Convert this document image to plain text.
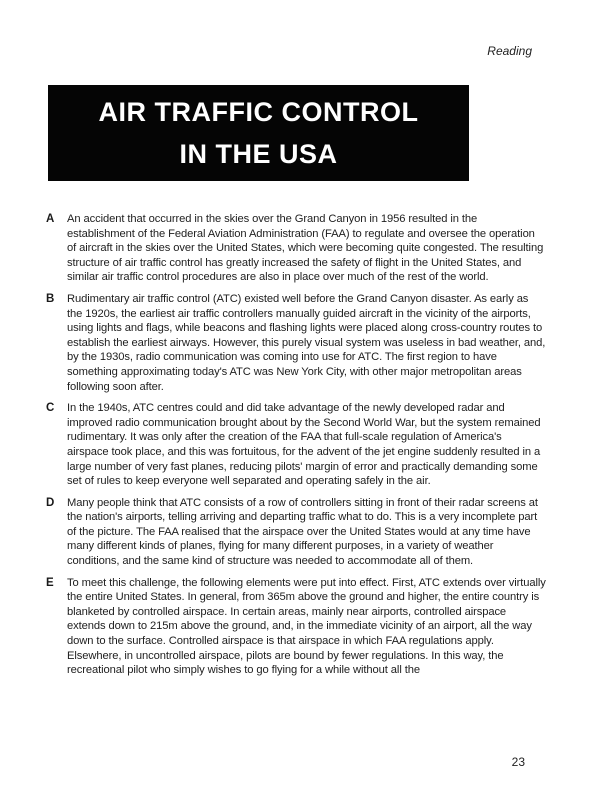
Reading
AIR TRAFFIC CONTROL
IN THE USA
A	An accident that occurred in the skies over the Grand Canyon in 1956 resulted in the establishment of the Federal Aviation Administration (FAA) to regulate and oversee the operation of aircraft in the skies over the United States, which were becoming quite congested. The resulting structure of air traffic control has greatly increased the safety of flight in the United States, and similar air traffic control procedures are also in place over much of the rest of the world.
B	Rudimentary air traffic control (ATC) existed well before the Grand Canyon disaster. As early as the 1920s, the earliest air traffic controllers manually guided aircraft in the vicinity of the airports, using lights and flags, while beacons and flashing lights were placed along cross-country routes to establish the earliest airways. However, this purely visual system was useless in bad weather, and, by the 1930s, radio communication was coming into use for ATC. The first region to have something approximating today's ATC was New York City, with other major metropolitan areas following soon after.
C	In the 1940s, ATC centres could and did take advantage of the newly developed radar and improved radio communication brought about by the Second World War, but the system remained rudimentary. It was only after the creation of the FAA that full-scale regulation of America's airspace took place, and this was fortuitous, for the advent of the jet engine suddenly resulted in a large number of very fast planes, reducing pilots' margin of error and practically demanding some set of rules to keep everyone well separated and operating safely in the air.
D	Many people think that ATC consists of a row of controllers sitting in front of their radar screens at the nation's airports, telling arriving and departing traffic what to do. This is a very incomplete part of the picture. The FAA realised that the airspace over the United States would at any time have many different kinds of planes, flying for many different purposes, in a variety of weather conditions, and the same kind of structure was needed to accommodate all of them.
E	To meet this challenge, the following elements were put into effect. First, ATC extends over virtually the entire United States. In general, from 365m above the ground and higher, the entire country is blanketed by controlled airspace. In certain areas, mainly near airports, controlled airspace extends down to 215m above the ground, and, in the immediate vicinity of an airport, all the way down to the surface. Controlled airspace is that airspace in which FAA regulations apply. Elsewhere, in uncontrolled airspace, pilots are bound by fewer regulations. In this way, the recreational pilot who simply wishes to go flying for a while without all the
23
